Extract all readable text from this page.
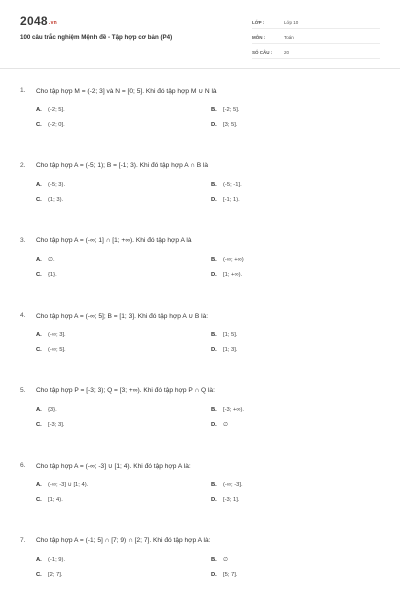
2048.vn
100 câu trắc nghiệm Mệnh đề - Tập hợp cơ bản (P4)
LỚP :	Lớp 10
MÔN :	Toán
SỐ CÂU :	20
1.	Cho tập hợp M = (-2; 3] và N = [0; 5]. Khi đó tập hợp M ∪ N là
A.	(-2; 5].	B.	[-2; 5].
C.	(-2; 0].	D.	[3; 5].
2.	Cho tập hợp A = (-5; 1); B = [-1; 3). Khi đó tập hợp A ∩ B là
A.	(-5; 3).	B.	(-5; -1].
C.	(1; 3).	D.	[-1; 1).
3.	Cho tập hợp A = (-∞; 1] ∩ [1; +∞). Khi đó tập hợp A là
A.	∅.	B.	(-∞; +∞)
C.	{1}.	D.	[1; +∞).
4.	Cho tập hợp A = (-∞; 5]; B = [1; 3]. Khi đó tập hợp A ∪ B là:
A.	(-∞; 3].	B.	[1; 5].
C.	(-∞; 5].	D.	[1; 3].
5.	Cho tập hợp P = [-3; 3); Q = [3; +∞). Khi đó tập hợp P ∩ Q là:
A.	{3}.	B.	[-3; +∞).
C.	[-3; 3].	D.	∅
6.	Cho tập hợp A = (-∞; -3] ∪ [1; 4). Khi đó tập hợp A là:
A.	(-∞; -3] ∪ [1; 4).	B.	(-∞; -3].
C.	[1; 4).	D.	[-3; 1].
7.	Cho tập hợp A = (-1; 5] ∩ [7; 9) ∩ [2; 7]. Khi đó tập hợp A là:
A.	(-1; 9).	B.	∅
C.	[2; 7].	D.	[5; 7].
